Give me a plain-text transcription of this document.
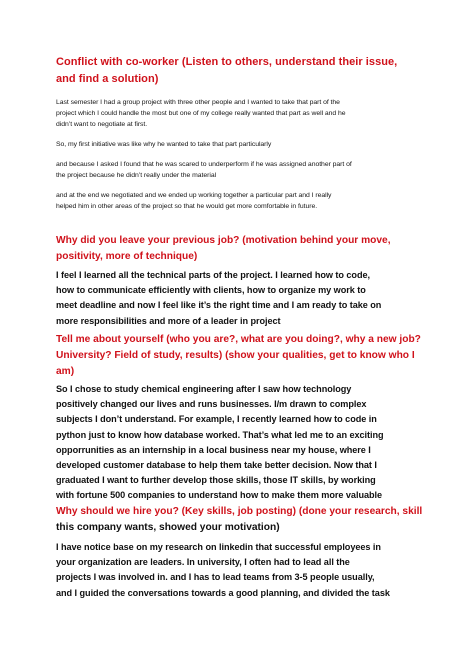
Conflict with co-worker (Listen to others, understand their issue,
and find a solution)
Last semester I had a group project with three other people and I wanted to take that part of the
project which I could handle the most but one of my college really wanted that part as well and he
didn’t want to negotiate at first.
So, my first initiative was like why he wanted to take that part particularly
and because I asked I found that he was scared to underperform if he was assigned another part of
the project because he didn’t really under the material
and at the end we negotiated and we ended up working together a particular part and I really
helped him in other areas of the project so that he would get more comfortable in future.
Why did you leave your previous job? (motivation behind your move,
positivity, more of technique)
I feel I learned all the technical parts of the project. I learned how to code,
how to communicate efficiently with clients, how to organize my work to
meet deadline and now I feel like it’s the right time and I am ready to take on
more responsibilities and more of a leader in project
Tell me about yourself (who you are?, what are you doing?, why a new job?
University? Field of study, results) (show your qualities, get to know who I
am)
So I chose to study chemical engineering after I saw how technology
positively changed our lives and runs businesses. I/m drawn to complex
subjects I don’t understand. For example, I recently learned how to code in
python just to know how database worked. That’s what led me to an exciting
opporrunities as an internship in a local business near my house, where I
developed customer database to help them take better decision. Now that I
graduated I want to further develop those skills, those IT skills, by working
with fortune 500 companies to understand how to make them more valuable
Why should we hire you? (Key skills, job posting) (done your research, skill
this company wants, showed your motivation)
I have notice base on my research on linkedin that successful employees in
your organization are leaders. In university, I often had to lead all the
projects I was involved in. and I has to lead teams from 3-5 people usually,
and I guided the conversations towards a good planning, and divided the task
